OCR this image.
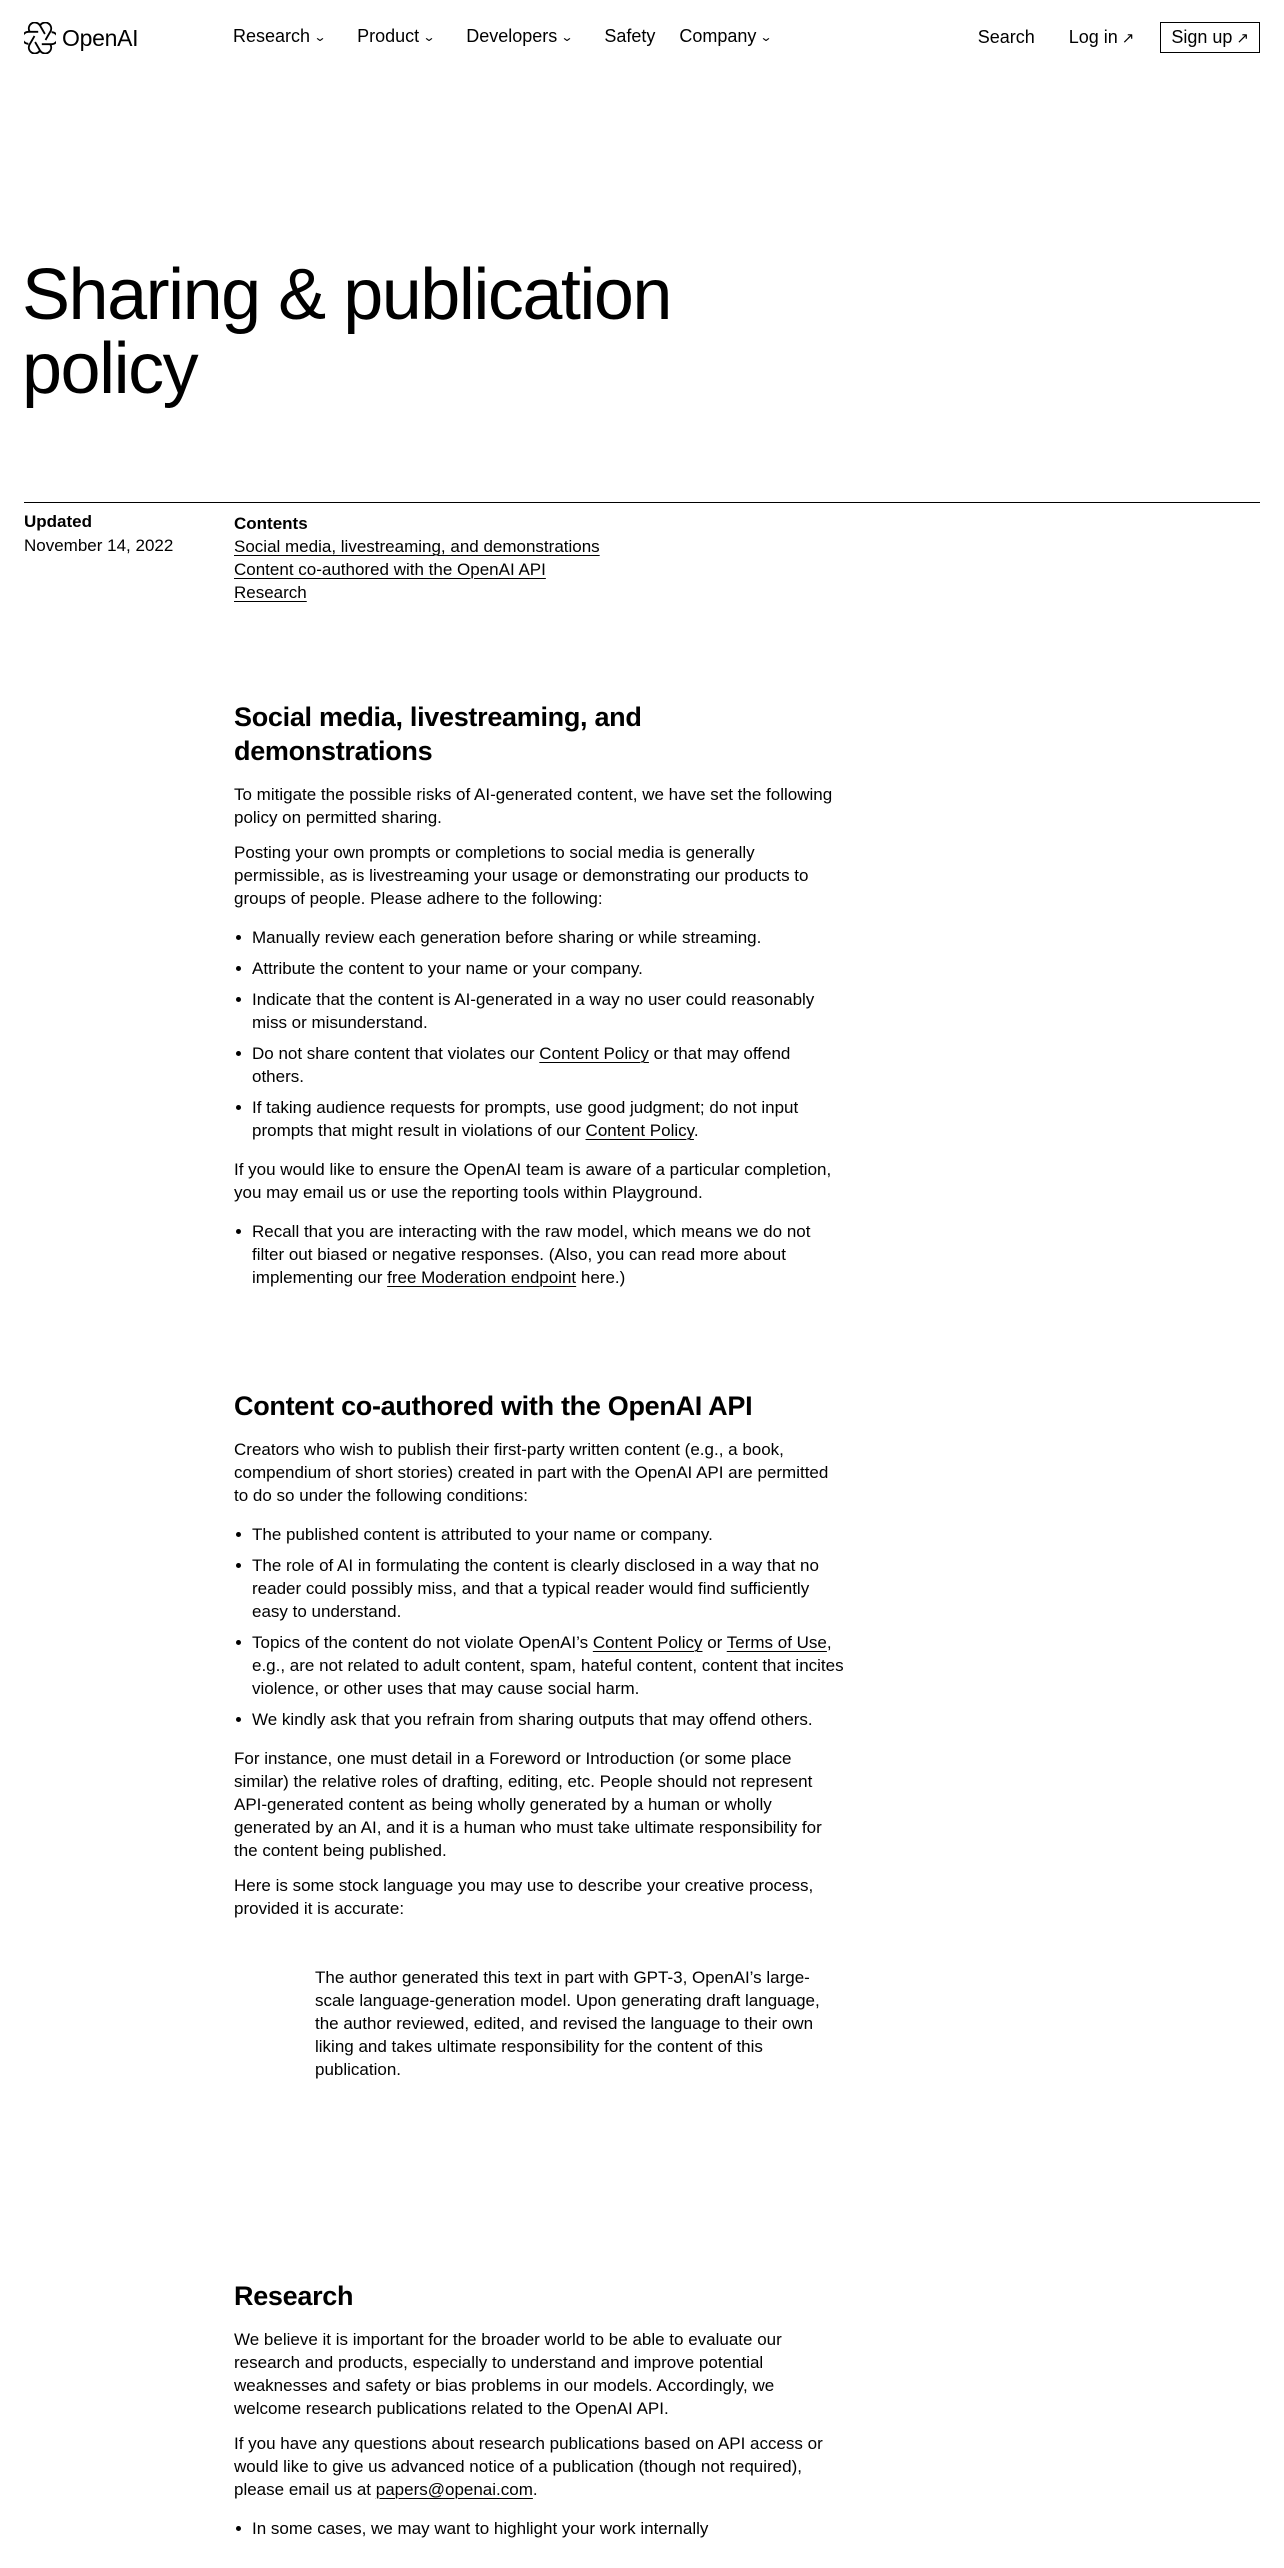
OpenAI	Research ⌄ Product ⌄ Developers ⌄ Safety Company ⌄	Search Log in ↗ Sign up ↗
Sharing & publication
policy
Updated
November 14, 2022
Contents
Social media, livestreaming, and demonstrations
Content co-authored with the OpenAI API
Research
Social media, livestreaming, and demonstrations

To mitigate the possible risks of AI-generated content, we have set the following policy on permitted sharing.

Posting your own prompts or completions to social media is generally permissible, as is livestreaming your usage or demonstrating our products to groups of people. Please adhere to the following:

Manually review each generation before sharing or while streaming.
Attribute the content to your name or your company.
Indicate that the content is AI-generated in a way no user could reasonably miss or misunderstand.
Do not share content that violates our Content Policy or that may offend others.
If taking audience requests for prompts, use good judgment; do not input prompts that might result in violations of our Content Policy.

If you would like to ensure the OpenAI team is aware of a particular completion, you may email us or use the reporting tools within Playground.

Recall that you are interacting with the raw model, which means we do not filter out biased or negative responses. (Also, you can read more about implementing our free Moderation endpoint here.)
Content co-authored with the OpenAI API

Creators who wish to publish their first-party written content (e.g., a book, compendium of short stories) created in part with the OpenAI API are permitted to do so under the following conditions:

The published content is attributed to your name or company.
The role of AI in formulating the content is clearly disclosed in a way that no reader could possibly miss, and that a typical reader would find sufficiently easy to understand.
Topics of the content do not violate OpenAI’s Content Policy or Terms of Use, e.g., are not related to adult content, spam, hateful content, content that incites violence, or other uses that may cause social harm.
We kindly ask that you refrain from sharing outputs that may offend others.

For instance, one must detail in a Foreword or Introduction (or some place similar) the relative roles of drafting, editing, etc. People should not represent API-generated content as being wholly generated by a human or wholly generated by an AI, and it is a human who must take ultimate responsibility for the content being published.

Here is some stock language you may use to describe your creative process, provided it is accurate:

The author generated this text in part with GPT-3, OpenAI’s large-scale language-generation model. Upon generating draft language, the author reviewed, edited, and revised the language to their own liking and takes ultimate responsibility for the content of this publication.
Research

We believe it is important for the broader world to be able to evaluate our research and products, especially to understand and improve potential weaknesses and safety or bias problems in our models. Accordingly, we welcome research publications related to the OpenAI API.

If you have any questions about research publications based on API access or would like to give us advanced notice of a publication (though not required), please email us at papers@openai.com.

In some cases, we may want to highlight your work internally
